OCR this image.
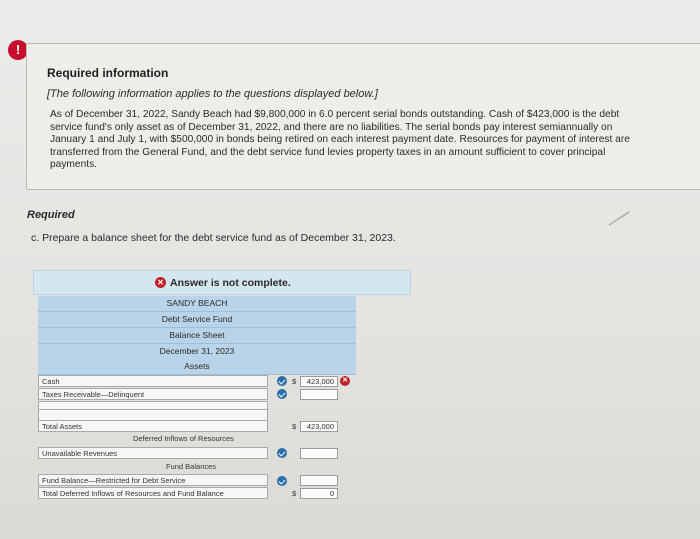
!
Required information
[The following information applies to the questions displayed below.]
As of December 31, 2022, Sandy Beach had $9,800,000 in 6.0 percent serial bonds outstanding. Cash of $423,000 is the debt service fund's only asset as of December 31, 2022, and there are no liabilities. The serial bonds pay interest semiannually on January 1 and July 1, with $500,000 in bonds being retired on each interest payment date. Resources for payment of interest are transferred from the General Fund, and the debt service fund levies property taxes in an amount sufficient to cover principal payments.
Required
c. Prepare a balance sheet for the debt service fund as of December 31, 2023.
✕ Answer is not complete.
SANDY BEACH
Debt Service Fund
Balance Sheet
December 31, 2023
Assets
Cash	$	423,000	✕
Taxes Receivable—Delinquent
Total Assets	$	423,000
Deferred Inflows of Resources
Unavailable Revenues
Fund Balances
Fund Balance—Restricted for Debt Service
Total Deferred Inflows of Resources and Fund Balance	$	0
